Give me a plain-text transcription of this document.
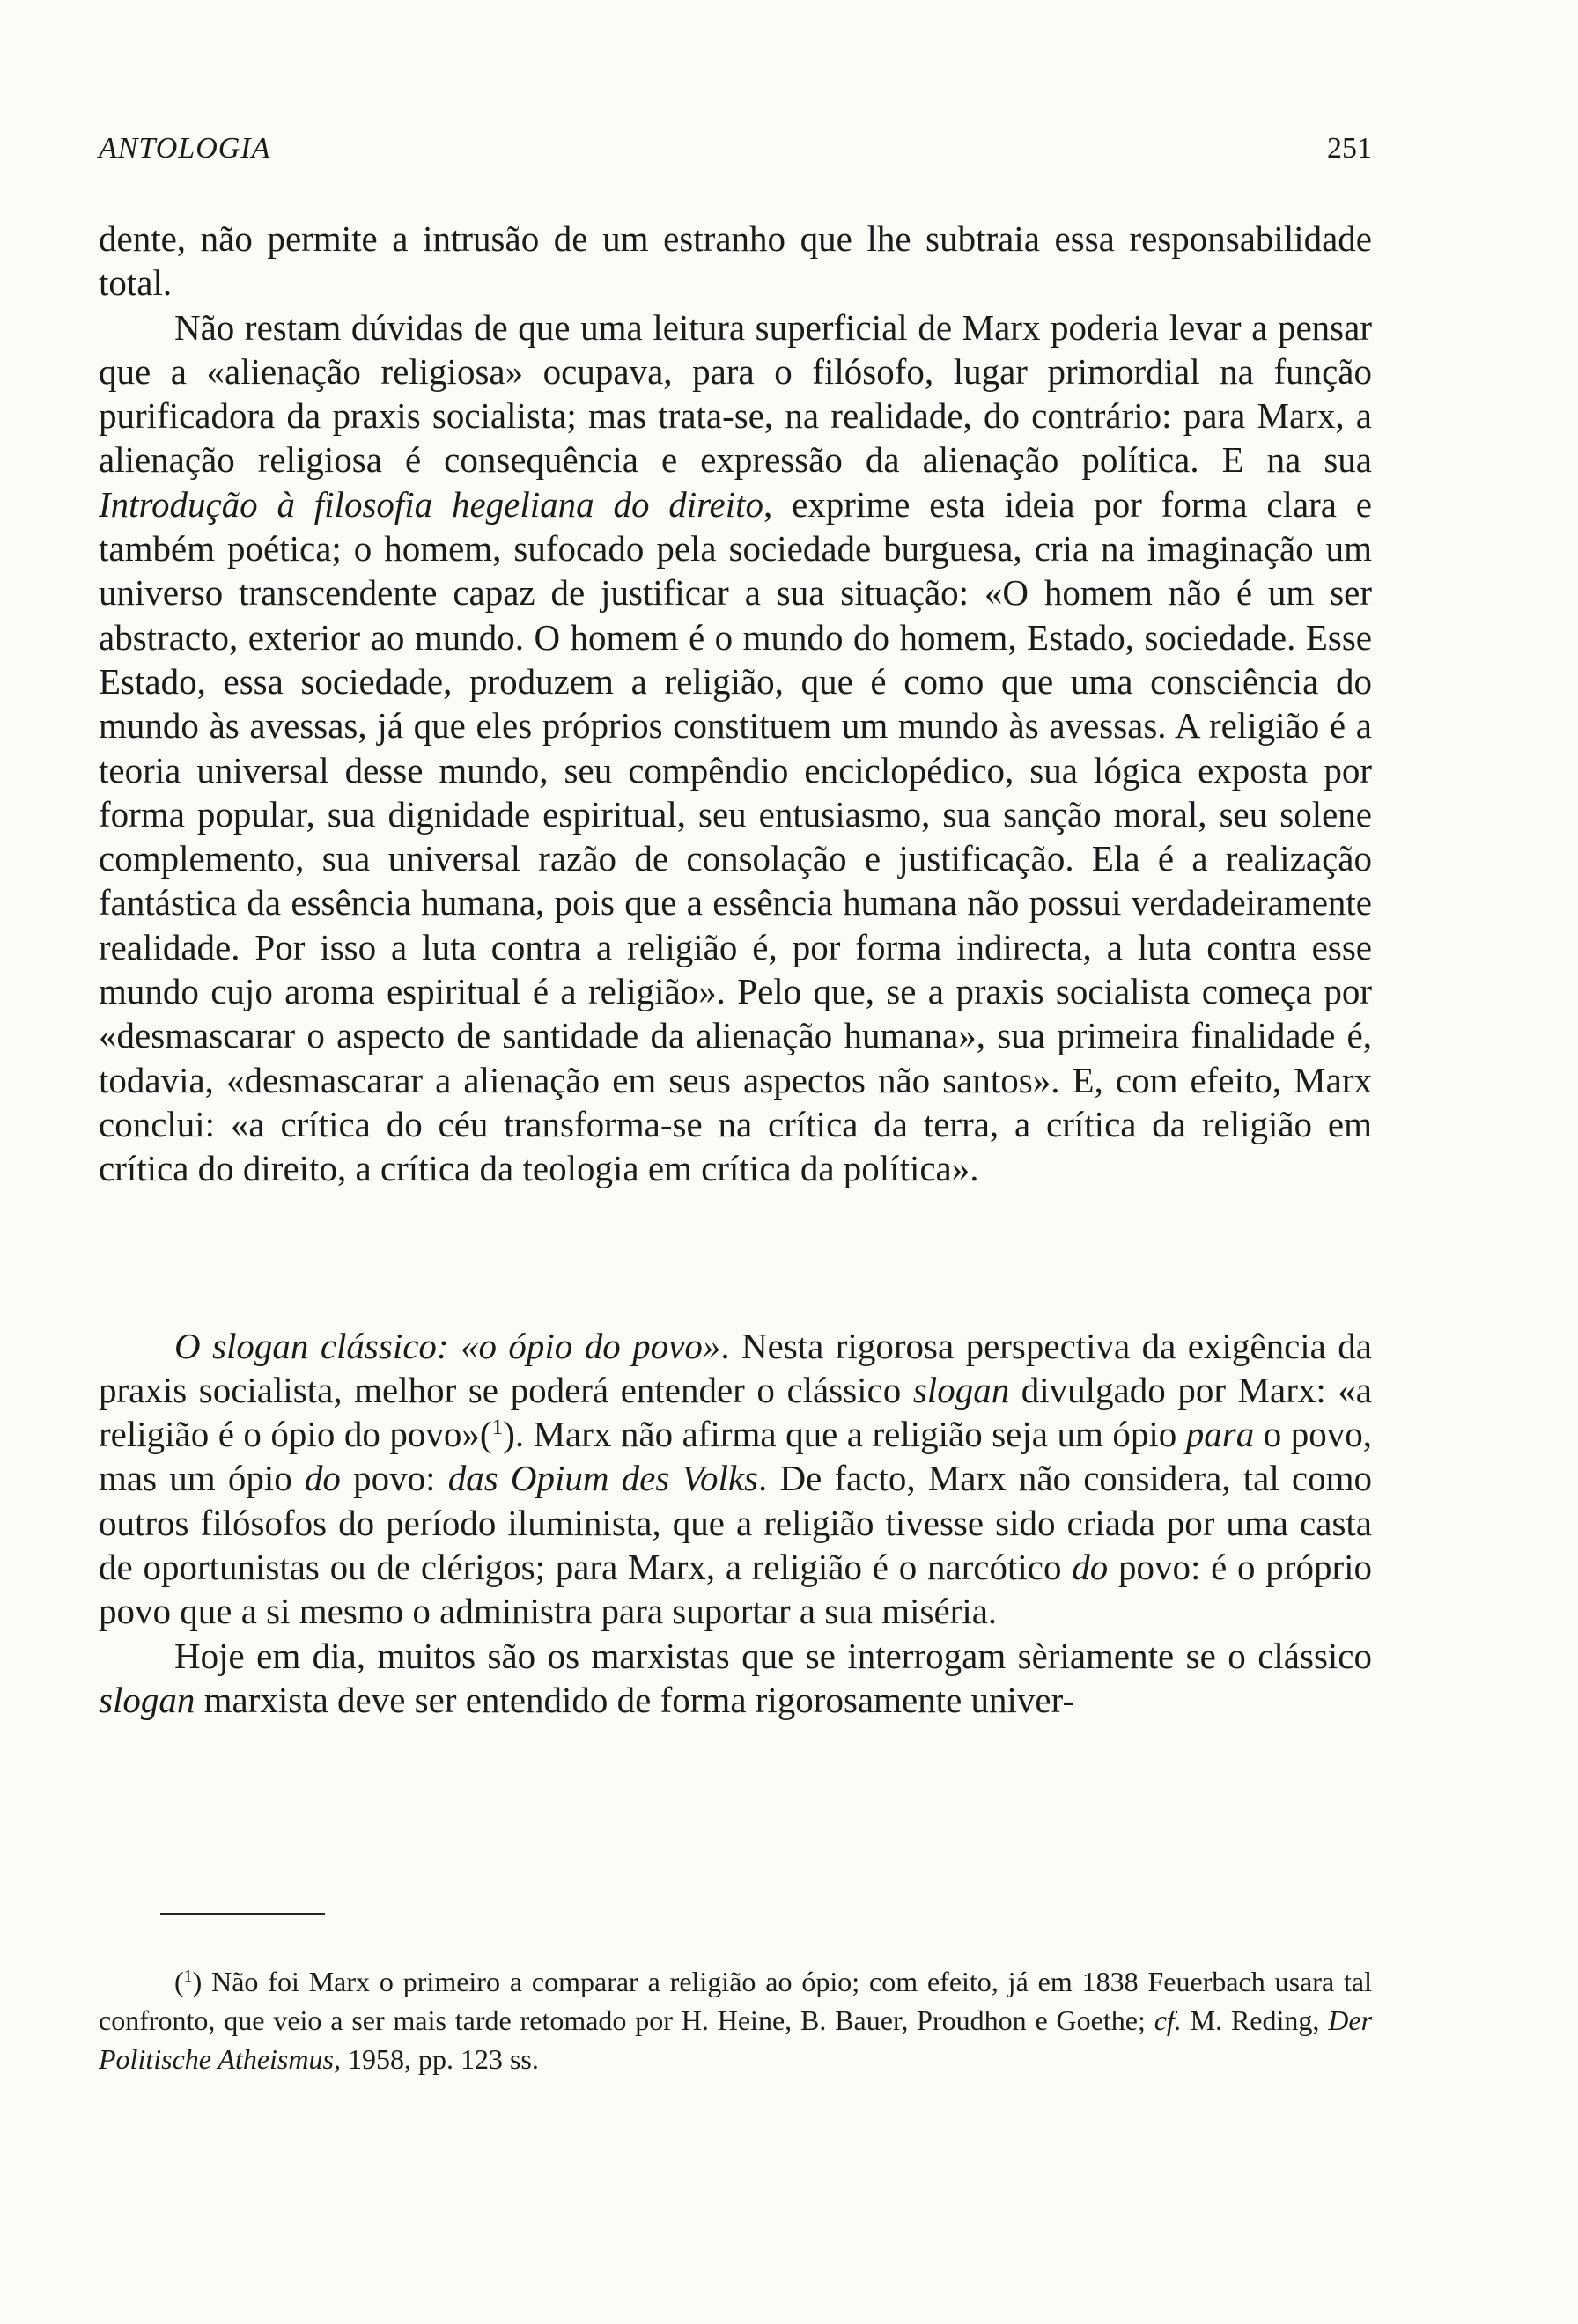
ANTOLOGIA	251

dente, não permite a intrusão de um estranho que lhe subtraia essa responsabilidade total.

Não restam dúvidas de que uma leitura superficial de Marx poderia levar a pensar que a «alienação religiosa» ocupava, para o filósofo, lugar primordial na função purificadora da praxis socialista; mas trata-se, na realidade, do contrário: para Marx, a alienação religiosa é consequência e expressão da alienação política. E na sua Introdução à filosofia hegeliana do direito, exprime esta ideia por forma clara e também poética; o homem, sufocado pela sociedade burguesa, cria na imaginação um universo transcendente capaz de justificar a sua situação: «O homem não é um ser abstracto, exterior ao mundo. O homem é o mundo do homem, Estado, sociedade. Esse Estado, essa sociedade, produzem a religião, que é como que uma consciência do mundo às avessas, já que eles próprios constituem um mundo às avessas. A religião é a teoria universal desse mundo, seu compêndio enciclopédico, sua lógica exposta por forma popular, sua dignidade espiritual, seu entusiasmo, sua sanção moral, seu solene complemento, sua universal razão de consolação e justificação. Ela é a realização fantástica da essência humana, pois que a essência humana não possui verdadeiramente realidade. Por isso a luta contra a religião é, por forma indirecta, a luta contra esse mundo cujo aroma espiritual é a religião». Pelo que, se a praxis socialista começa por «desmascarar o aspecto de santidade da alienação humana», sua primeira finalidade é, todavia, «desmascarar a alienação em seus aspectos não santos». E, com efeito, Marx conclui: «a crítica do céu transforma-se na crítica da terra, a crítica da religião em crítica do direito, a crítica da teologia em crítica da política».

O slogan clássico: «o ópio do povo». Nesta rigorosa perspectiva da exigência da praxis socialista, melhor se poderá entender o clássico slogan divulgado por Marx: «a religião é o ópio do povo»($^1$). Marx não afirma que a religião seja um ópio para o povo, mas um ópio do povo: das Opium des Volks. De facto, Marx não considera, tal como outros filósofos do período iluminista, que a religião tivesse sido criada por uma casta de oportunistas ou de clérigos; para Marx, a religião é o narcótico do povo: é o próprio povo que a si mesmo o administra para suportar a sua miséria.

Hoje em dia, muitos são os marxistas que se interrogam sèriamente se o clássico slogan marxista deve ser entendido de forma rigorosamente univer-

($^1$) Não foi Marx o primeiro a comparar a religião ao ópio; com efeito, já em 1838 Feuerbach usara tal confronto, que veio a ser mais tarde retomado por H. Heine, B. Bauer, Proudhon e Goethe; cf. M. Reding, Der Politische Atheismus, 1958, pp. 123 ss.
